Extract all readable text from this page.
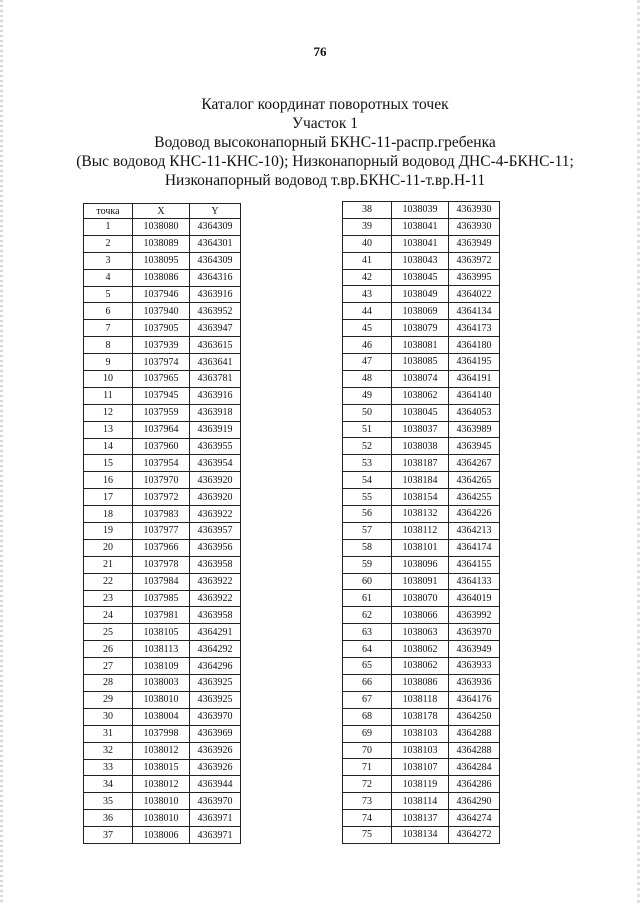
76
Каталог координат поворотных точек
Участок 1
Водовод высоконапорный БКНС-11-распр.гребенка
(Выс водовод КНС-11-КНС-10); Низконапорный водовод ДНС-4-БКНС-11;
Низконапорный водовод т.вр.БКНС-11-т.вр.Н-11
точка	X	Y
1	1038080	4364309
2	1038089	4364301
3	1038095	4364309
4	1038086	4364316
5	1037946	4363916
6	1037940	4363952
7	1037905	4363947
8	1037939	4363615
9	1037974	4363641
10	1037965	4363781
11	1037945	4363916
12	1037959	4363918
13	1037964	4363919
14	1037960	4363955
15	1037954	4363954
16	1037970	4363920
17	1037972	4363920
18	1037983	4363922
19	1037977	4363957
20	1037966	4363956
21	1037978	4363958
22	1037984	4363922
23	1037985	4363922
24	1037981	4363958
25	1038105	4364291
26	1038113	4364292
27	1038109	4364296
28	1038003	4363925
29	1038010	4363925
30	1038004	4363970
31	1037998	4363969
32	1038012	4363926
33	1038015	4363926
34	1038012	4363944
35	1038010	4363970
36	1038010	4363971
37	1038006	4363971
38	1038039	4363930
39	1038041	4363930
40	1038041	4363949
41	1038043	4363972
42	1038045	4363995
43	1038049	4364022
44	1038069	4364134
45	1038079	4364173
46	1038081	4364180
47	1038085	4364195
48	1038074	4364191
49	1038062	4364140
50	1038045	4364053
51	1038037	4363989
52	1038038	4363945
53	1038187	4364267
54	1038184	4364265
55	1038154	4364255
56	1038132	4364226
57	1038112	4364213
58	1038101	4364174
59	1038096	4364155
60	1038091	4364133
61	1038070	4364019
62	1038066	4363992
63	1038063	4363970
64	1038062	4363949
65	1038062	4363933
66	1038086	4363936
67	1038118	4364176
68	1038178	4364250
69	1038103	4364288
70	1038103	4364288
71	1038107	4364284
72	1038119	4364286
73	1038114	4364290
74	1038137	4364274
75	1038134	4364272
